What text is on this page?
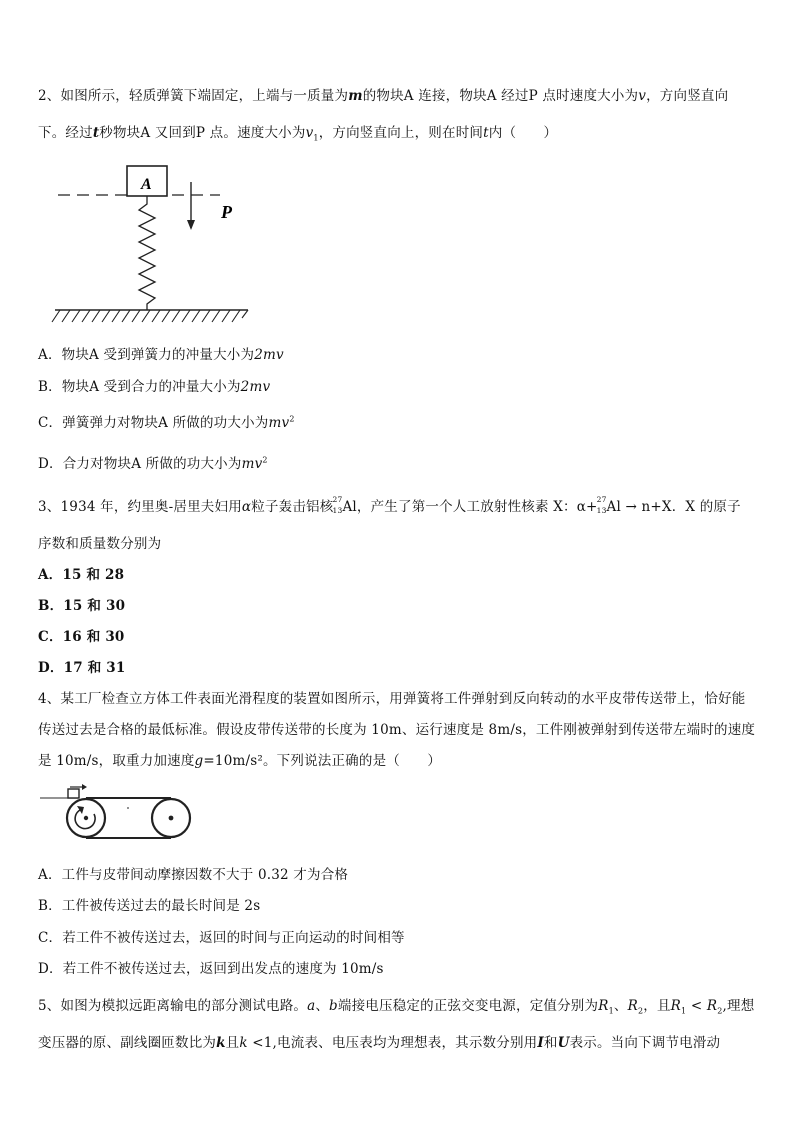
2、如图所示，轻质弹簧下端固定，上端与一质量为m的物块A 连接，物块A 经过P 点时速度大小为v，方向竖直向
下。经过t秒物块A 又回到P 点。速度大小为$v_1$，方向竖直向上，则在时间t内（　　）
A
P
A．物块A 受到弹簧力的冲量大小为2mv
B．物块A 受到合力的冲量大小为2mv
C．弹簧弹力对物块A 所做的功大小为$mv^2$
D．合力对物块A 所做的功大小为$mv^2$
3、1934 年，约里奥-居里夫妇用α粒子轰击铝核 27
13 Al，产生了第一个人工放射性核素 X：α+ 27
13 Al → n+X．X 的原子
序数和质量数分别为
A．15 和 28
B．15 和 30
C．16 和 30
D．17 和 31
4、某工厂检查立方体工件表面光滑程度的装置如图所示，用弹簧将工件弹射到反向转动的水平皮带传送带上，恰好能
传送过去是合格的最低标准。假设皮带传送带的长度为 10m、运行速度是 8m/s，工件刚被弹射到传送带左端时的速度
是 10m/s，取重力加速度g=10m/s²。下列说法正确的是（　　）
A．工件与皮带间动摩擦因数不大于 0.32 才为合格
B．工件被传送过去的最长时间是 2s
C．若工件不被传送过去，返回的时间与正向运动的时间相等
D．若工件不被传送过去，返回到出发点的速度为 10m/s
5、如图为模拟远距离输电的部分测试电路。a、b端接电压稳定的正弦交变电源，定值分别为$R_1$、$R_2$，且$R_1 < R_2$,理想
变压器的原、副线圈匝数比为k且k <1,电流表、电压表均为理想表，其示数分别用I和U表示。当向下调节电滑动
